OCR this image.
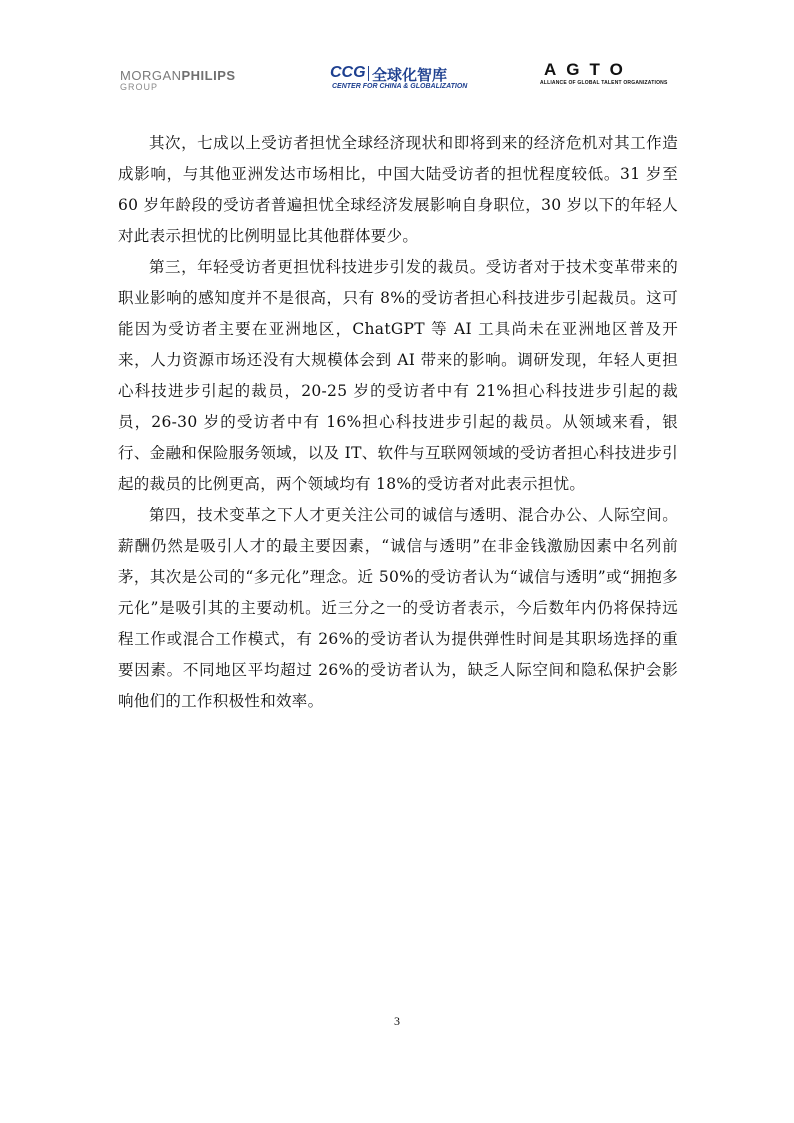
MORGANPHILIPS
GROUP
CCG 全球化智库
CENTER FOR CHINA & GLOBALIZATION
AGTO
ALLIANCE OF GLOBAL TALENT ORGANIZATIONS

其次，七成以上受访者担忧全球经济现状和即将到来的经济危机对其工作造成影响，与其他亚洲发达市场相比，中国大陆受访者的担忧程度较低。31 岁至 60 岁年龄段的受访者普遍担忧全球经济发展影响自身职位，30 岁以下的年轻人对此表示担忧的比例明显比其他群体要少。

第三，年轻受访者更担忧科技进步引发的裁员。受访者对于技术变革带来的职业影响的感知度并不是很高，只有 8%的受访者担心科技进步引起裁员。这可能因为受访者主要在亚洲地区，ChatGPT 等 AI 工具尚未在亚洲地区普及开来，人力资源市场还没有大规模体会到 AI 带来的影响。调研发现，年轻人更担心科技进步引起的裁员，20-25 岁的受访者中有 21%担心科技进步引起的裁员，26-30 岁的受访者中有 16%担心科技进步引起的裁员。从领域来看，银行、金融和保险服务领域，以及 IT、软件与互联网领域的受访者担心科技进步引起的裁员的比例更高，两个领域均有 18%的受访者对此表示担忧。

第四，技术变革之下人才更关注公司的诚信与透明、混合办公、人际空间。薪酬仍然是吸引人才的最主要因素，“诚信与透明”在非金钱激励因素中名列前茅，其次是公司的“多元化”理念。近 50%的受访者认为“诚信与透明”或“拥抱多元化”是吸引其的主要动机。近三分之一的受访者表示，今后数年内仍将保持远程工作或混合工作模式，有 26%的受访者认为提供弹性时间是其职场选择的重要因素。不同地区平均超过 26%的受访者认为，缺乏人际空间和隐私保护会影响他们的工作积极性和效率。

3
